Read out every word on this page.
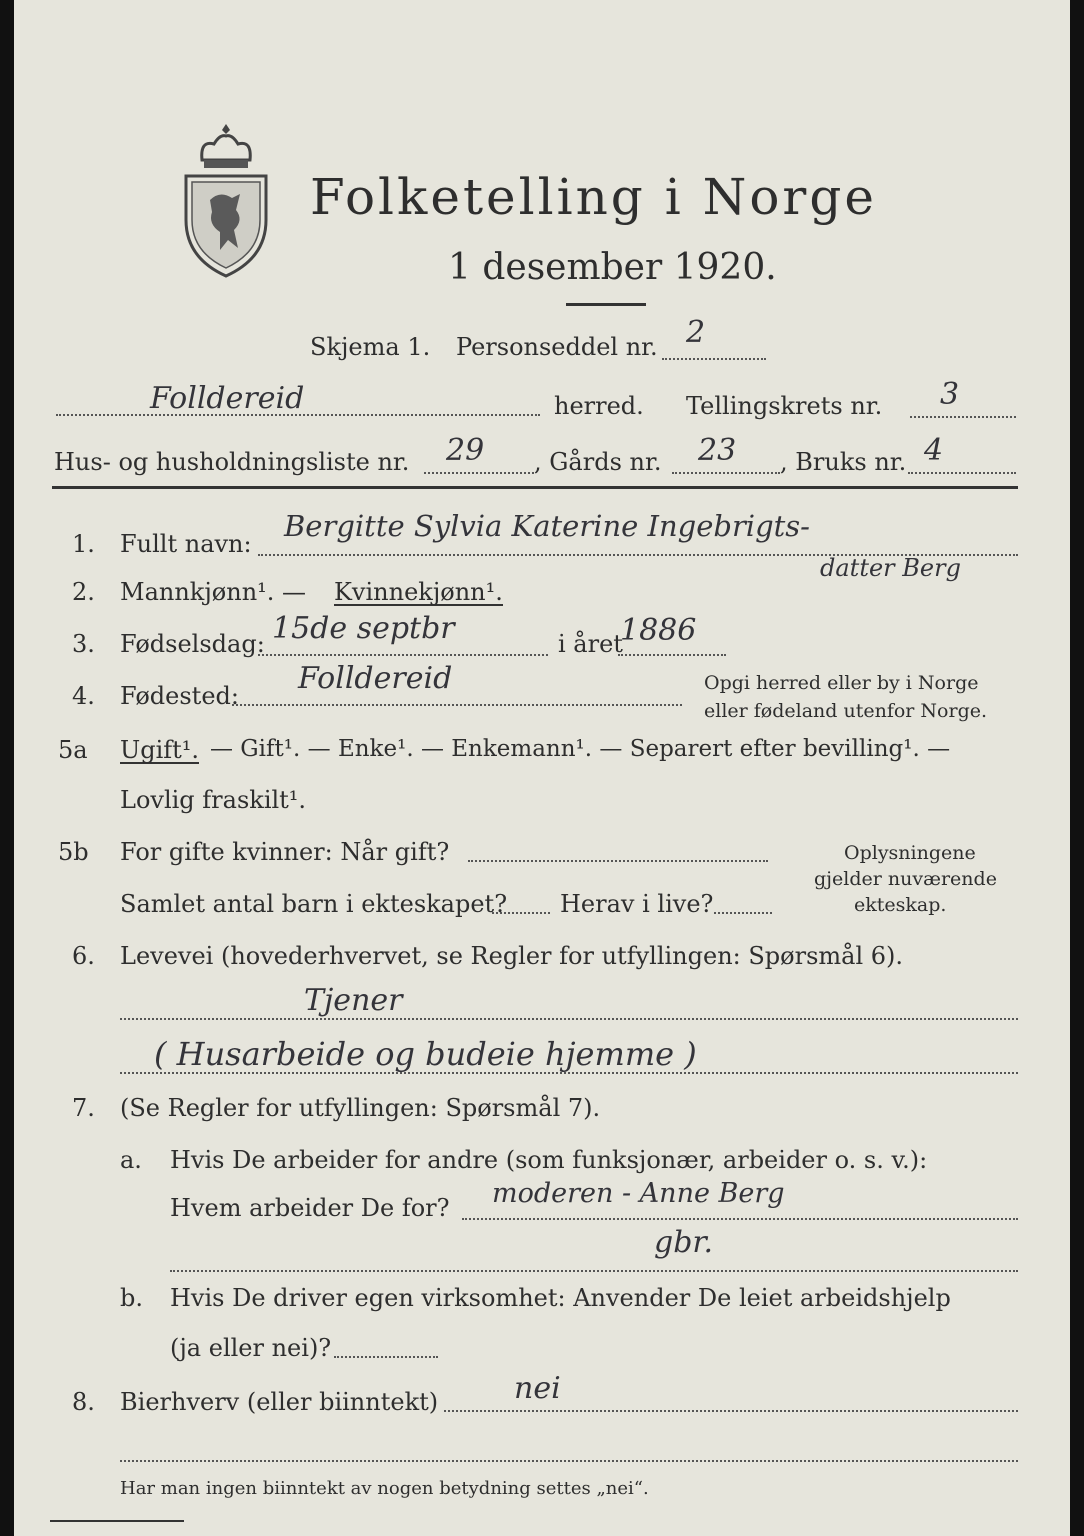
Folketelling i Norge
1 desember 1920.
Skjema 1. Personseddel nr. 2
Folldereid	herred. Tellingskrets nr. 3
Hus- og husholdningsliste nr. 29 , Gårds nr. 23 , Bruks nr. 4
1. Fullt navn:
Bergitte Sylvia Katerine Ingebrigts-
datter Berg
2. Mannkjønn¹. — Kvinnekjønn¹.
3. Fødselsdag: 15de septbr	i året
1886
4. Fødested: Folldereid	Opgi herred eller by i Norge
eller fødeland utenfor Norge.
5a Ugift¹. — Gift¹. — Enke¹. — Enkemann¹. — Separert efter bevilling¹. —
Lovlig fraskilt¹.
5b For gifte kvinner: Når gift?
Samlet antal barn i ekteskapet? Herav i live?
Oplysningene
gjelder nuværende
ekteskap.
6. Levevei (hovederhvervet, se Regler for utfyllingen: Spørsmål 6).
Tjener
( Husarbeide og budeie hjemme )
7. (Se Regler for utfyllingen: Spørsmål 7).
a. Hvis De arbeider for andre (som funksjonær, arbeider o. s. v.):
Hvem arbeider De for? moderen - Anne Berg
gbr.
b. Hvis De driver egen virksomhet: Anvender De leiet arbeidshjelp
(ja eller nei)?
8. Bierhverv (eller biinntekt)	nei
Har man ingen biinntekt av nogen betydning settes „nei“.
